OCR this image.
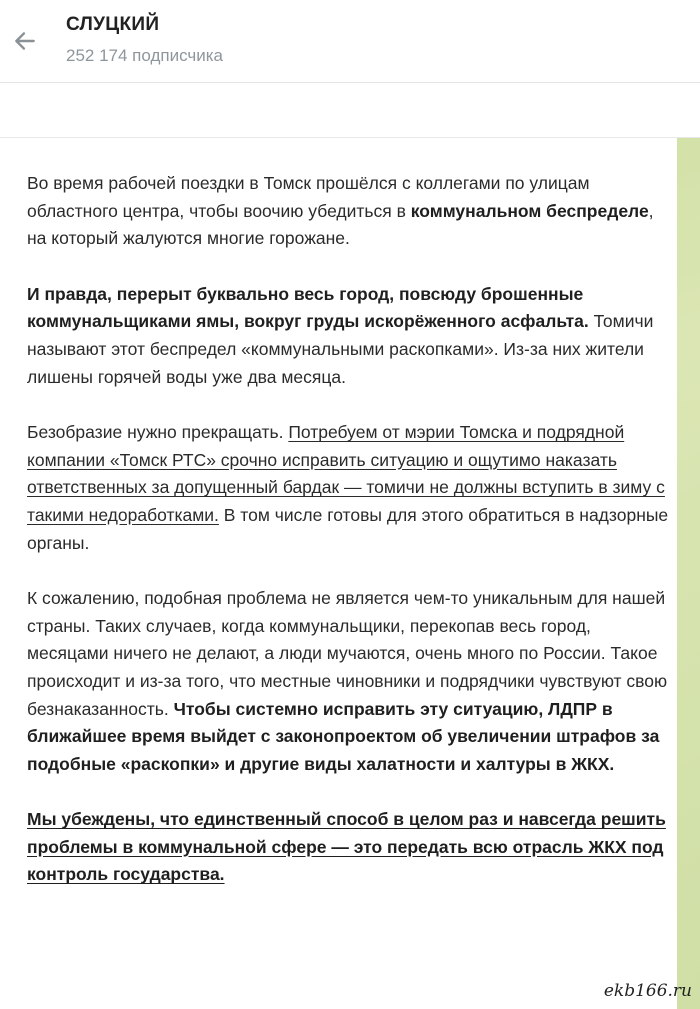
СЛУЦКИЙ
252 174 подписчика

Во время рабочей поездки в Томск прошёлся с коллегами по улицам областного центра, чтобы воочию убедиться в коммунальном беспределе, на который жалуются многие горожане.

И правда, перерыт буквально весь город, повсюду брошенные коммунальщиками ямы, вокруг груды искорёженного асфальта. Томичи называют этот беспредел «коммунальными раскопками». Из-за них жители лишены горячей воды уже два месяца.

Безобразие нужно прекращать. Потребуем от мэрии Томска и подрядной компании «Томск РТС» срочно исправить ситуацию и ощутимо наказать ответственных за допущенный бардак — томичи не должны вступить в зиму с такими недоработками. В том числе готовы для этого обратиться в надзорные органы.

К сожалению, подобная проблема не является чем-то уникальным для нашей страны. Таких случаев, когда коммунальщики, перекопав весь город, месяцами ничего не делают, а люди мучаются, очень много по России. Такое происходит и из-за того, что местные чиновники и подрядчики чувствуют свою безнаказанность. Чтобы системно исправить эту ситуацию, ЛДПР в ближайшее время выйдет с законопроектом об увеличении штрафов за подобные «раскопки» и другие виды халатности и халтуры в ЖКХ.

Мы убеждены, что единственный способ в целом раз и навсегда решить проблемы в коммунальной сфере — это передать всю отрасль ЖКХ под контроль государства.

ekb166.ru
